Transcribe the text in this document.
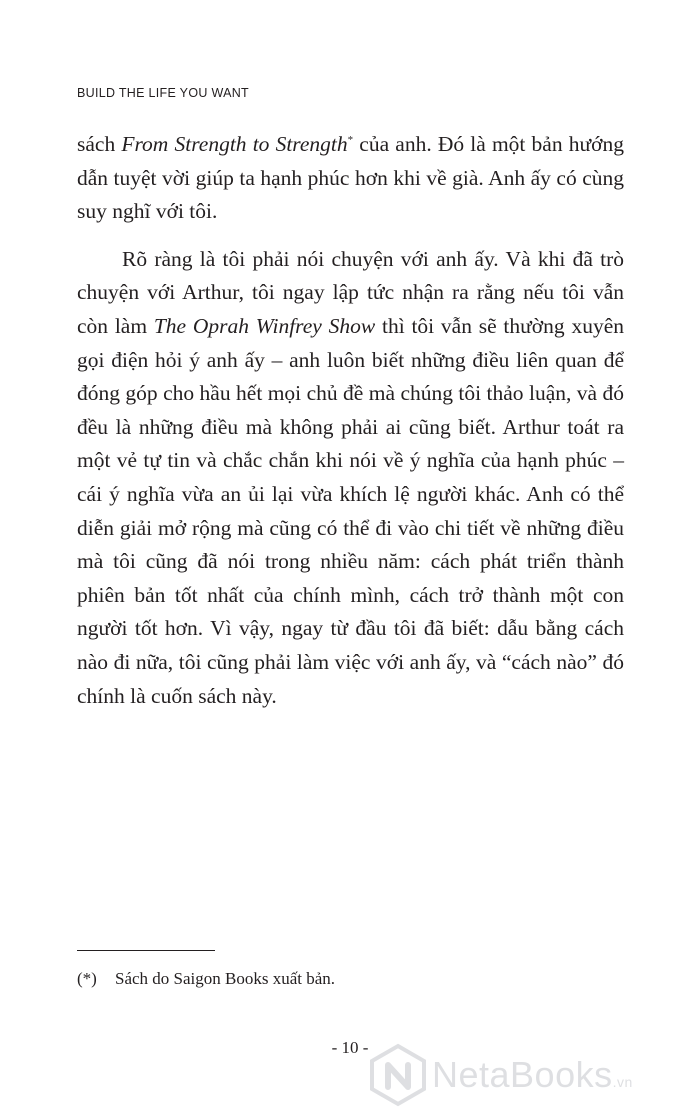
BUILD THE LIFE YOU WANT

sách From Strength to Strength* của anh. Đó là một bản hướng dẫn tuyệt vời giúp ta hạnh phúc hơn khi về già. Anh ấy có cùng suy nghĩ với tôi.

Rõ ràng là tôi phải nói chuyện với anh ấy. Và khi đã trò chuyện với Arthur, tôi ngay lập tức nhận ra rằng nếu tôi vẫn còn làm The Oprah Winfrey Show thì tôi vẫn sẽ thường xuyên gọi điện hỏi ý anh ấy – anh luôn biết những điều liên quan để đóng góp cho hầu hết mọi chủ đề mà chúng tôi thảo luận, và đó đều là những điều mà không phải ai cũng biết. Arthur toát ra một vẻ tự tin và chắc chắn khi nói về ý nghĩa của hạnh phúc – cái ý nghĩa vừa an ủi lại vừa khích lệ người khác. Anh có thể diễn giải mở rộng mà cũng có thể đi vào chi tiết về những điều mà tôi cũng đã nói trong nhiều năm: cách phát triển thành phiên bản tốt nhất của chính mình, cách trở thành một con người tốt hơn. Vì vậy, ngay từ đầu tôi đã biết: dẫu bằng cách nào đi nữa, tôi cũng phải làm việc với anh ấy, và “cách nào” đó chính là cuốn sách này.

(*) Sách do Saigon Books xuất bản.
- 10 -
NetaBooks.vn
